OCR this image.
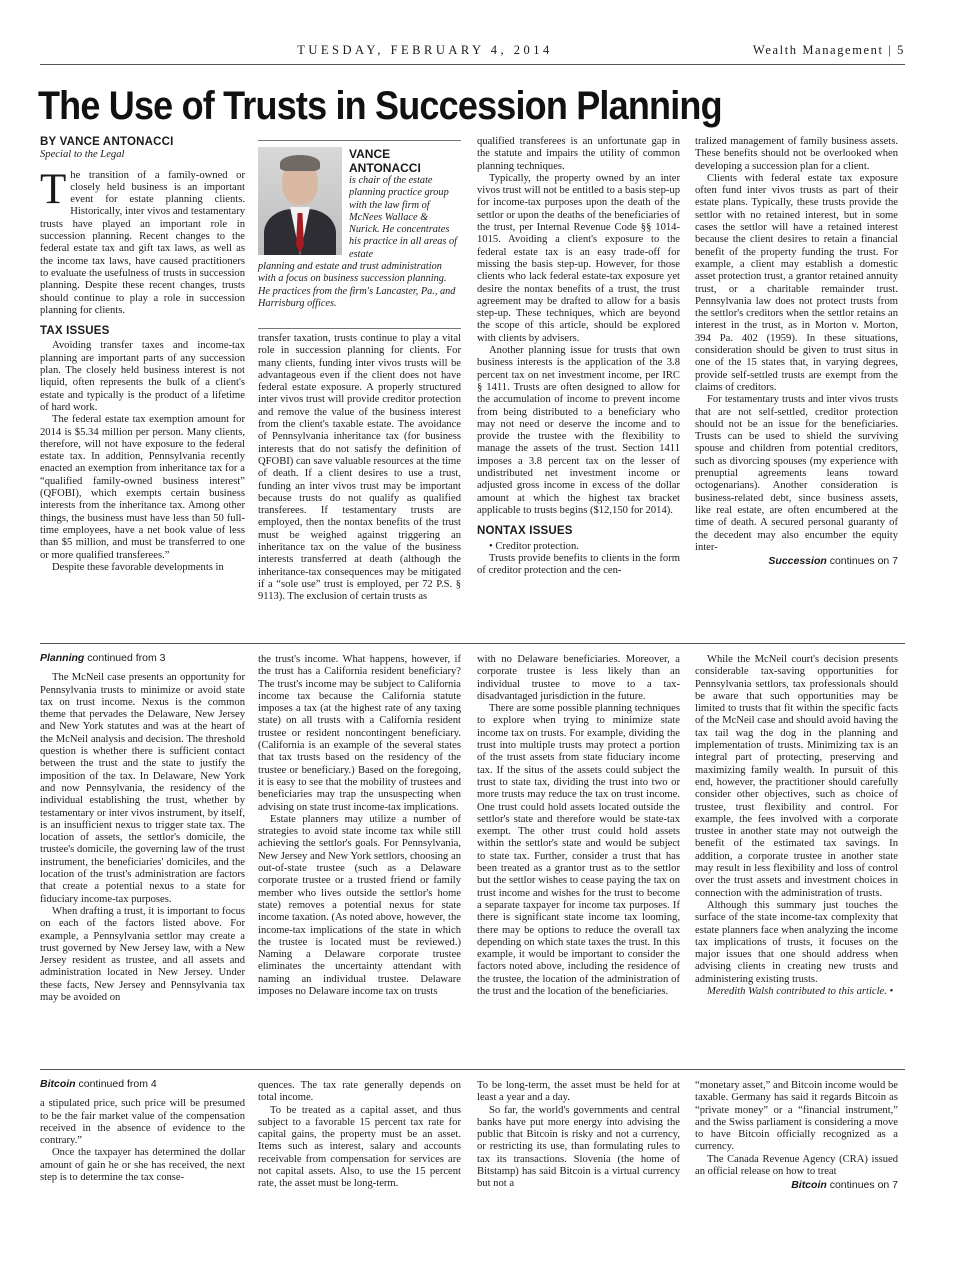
TUESDAY, FEBRUARY 4, 2014	Wealth Management | 5
The Use of Trusts in Succession Planning
BY VANCE ANTONACCI
Special to the Legal

The transition of a family-owned or closely held business is an important event for estate planning clients. Historically, inter vivos and testamentary trusts have played an important role in succession planning. Recent changes to the federal estate tax and gift tax laws, as well as the income tax laws, have caused practitioners to evaluate the usefulness of trusts in succession planning. Despite these recent changes, trusts should continue to play a role in succession planning for clients.

TAX ISSUES

Avoiding transfer taxes and income-tax planning are important parts of any succession plan. The closely held business interest is not liquid, often represents the bulk of a client's estate and typically is the product of a lifetime of hard work.

The federal estate tax exemption amount for 2014 is $5.34 million per person. Many clients, therefore, will not have exposure to the federal estate tax. In addition, Pennsylvania recently enacted an exemption from inheritance tax for a “qualified family-owned business interest” (QFOBI), which exempts certain business interests from the inheritance tax. Among other things, the business must have less than 50 full-time employees, have a net book value of less than $5 million, and must be transferred to one or more qualified transferees.”

Despite these favorable developments in

VANCE ANTONACCI
is chair of the estate planning practice group with the law firm of McNees Wallace & Nurick. He concentrates his practice in all areas of estate
planning and estate and trust administration with a focus on business succession planning. He practices from the firm's Lancaster, Pa., and Harrisburg offices.

transfer taxation, trusts continue to play a vital role in succession planning for clients. For many clients, funding inter vivos trusts will be advantageous even if the client does not have federal estate exposure. A properly structured inter vivos trust will provide creditor protection and remove the value of the business interest from the client's taxable estate. The avoidance of Pennsylvania inheritance tax (for business interests that do not satisfy the definition of QFOBI) can save valuable resources at the time of death. If a client desires to use a trust, funding an inter vivos trust may be important because trusts do not qualify as qualified transferees. If testamentary trusts are employed, then the nontax benefits of the trust must be weighed against triggering an inheritance tax on the value of the business interests transferred at death (although the inheritance-tax consequences may be mitigated if a “sole use” trust is employed, per 72 P.S. § 9113). The exclusion of certain trusts as

qualified transferees is an unfortunate gap in the statute and impairs the utility of common planning techniques.

Typically, the property owned by an inter vivos trust will not be entitled to a basis step-up for income-tax purposes upon the death of the settlor or upon the deaths of the beneficiaries of the trust, per Internal Revenue Code §§ 1014-1015. Avoiding a client's exposure to the federal estate tax is an easy trade-off for missing the basis step-up. However, for those clients who lack federal estate-tax exposure yet desire the nontax benefits of a trust, the trust agreement may be drafted to allow for a basis step-up. These techniques, which are beyond the scope of this article, should be explored with clients by advisers.

Another planning issue for trusts that own business interests is the application of the 3.8 percent tax on net investment income, per IRC § 1411. Trusts are often designed to allow for the accumulation of income to prevent income from being distributed to a beneficiary who may not need or deserve the income and to provide the trustee with the flexibility to manage the assets of the trust. Section 1411 imposes a 3.8 percent tax on the lesser of undistributed net investment income or adjusted gross income in excess of the dollar amount at which the highest tax bracket applicable to trusts begins ($12,150 for 2014).

NONTAX ISSUES

• Creditor protection.

Trusts provide benefits to clients in the form of creditor protection and the cen-

tralized management of family business assets. These benefits should not be overlooked when developing a succession plan for a client.

Clients with federal estate tax exposure often fund inter vivos trusts as part of their estate plans. Typically, these trusts provide the settlor with no retained interest, but in some cases the settlor will have a retained interest because the client desires to retain a financial benefit of the property funding the trust. For example, a client may establish a domestic asset protection trust, a grantor retained annuity trust, or a charitable remainder trust. Pennsylvania law does not protect trusts from the settlor's creditors when the settlor retains an interest in the trust, as in Morton v. Morton, 394 Pa. 402 (1959). In these situations, consideration should be given to trust situs in one of the 15 states that, in varying degrees, provide self-settled trusts are exempt from the claims of creditors.

For testamentary trusts and inter vivos trusts that are not self-settled, creditor protection should not be an issue for the beneficiaries. Trusts can be used to shield the surviving spouse and children from potential creditors, such as divorcing spouses (my experience with prenuptial agreements leans toward octogenarians). Another consideration is business-related debt, since business assets, like real estate, are often encumbered at the time of death. A secured personal guaranty of the decedent may also encumber the equity inter-

Succession continues on 7
Planning continued from 3

The McNeil case presents an opportunity for Pennsylvania trusts to minimize or avoid state tax on trust income. Nexus is the common theme that pervades the Delaware, New Jersey and New York statutes and was at the heart of the McNeil analysis and decision. The threshold question is whether there is sufficient contact between the trust and the state to justify the imposition of the tax. In Delaware, New York and now Pennsylvania, the residency of the individual establishing the trust, whether by testamentary or inter vivos instrument, by itself, is an insufficient nexus to trigger state tax. The location of assets, the settlor's domicile, the trustee's domicile, the governing law of the trust instrument, the beneficiaries' domiciles, and the location of the trust's administration are factors that create a potential nexus to a state for fiduciary income-tax purposes.

When drafting a trust, it is important to focus on each of the factors listed above. For example, a Pennsylvania settlor may create a trust governed by New Jersey law, with a New Jersey resident as trustee, and all assets and administration located in New Jersey. Under these facts, New Jersey and Pennsylvania tax may be avoided on

the trust's income. What happens, however, if the trust has a California resident beneficiary? The trust's income may be subject to California income tax because the California statute imposes a tax (at the highest rate of any taxing state) on all trusts with a California resident trustee or resident noncontingent beneficiary. (California is an example of the several states that tax trusts based on the residency of the trustee or beneficiary.) Based on the foregoing, it is easy to see that the mobility of trustees and beneficiaries may trap the unsuspecting when advising on state trust income-tax implications.

Estate planners may utilize a number of strategies to avoid state income tax while still achieving the settlor's goals. For Pennsylvania, New Jersey and New York settlors, choosing an out-of-state trustee (such as a Delaware corporate trustee or a trusted friend or family member who lives outside the settlor's home state) removes a potential nexus for state income taxation. (As noted above, however, the income-tax implications of the state in which the trustee is located must be reviewed.) Naming a Delaware corporate trustee eliminates the uncertainty attendant with naming an individual trustee. Delaware imposes no Delaware income tax on trusts

with no Delaware beneficiaries. Moreover, a corporate trustee is less likely than an individual trustee to move to a tax-disadvantaged jurisdiction in the future.

There are some possible planning techniques to explore when trying to minimize state income tax on trusts. For example, dividing the trust into multiple trusts may protect a portion of the trust assets from state fiduciary income tax. If the situs of the assets could subject the trust to state tax, dividing the trust into two or more trusts may reduce the tax on trust income. One trust could hold assets located outside the settlor's state and therefore would be state-tax exempt. The other trust could hold assets within the settlor's state and would be subject to state tax. Further, consider a trust that has been treated as a grantor trust as to the settlor but the settlor wishes to cease paying the tax on trust income and wishes for the trust to become a separate taxpayer for income tax purposes. If there is significant state income tax looming, there may be options to reduce the overall tax depending on which state taxes the trust. In this example, it would be important to consider the factors noted above, including the residence of the trustee, the location of the administration of the trust and the location of the beneficiaries.

While the McNeil court's decision presents considerable tax-saving opportunities for Pennsylvania settlors, tax professionals should be aware that such opportunities may be limited to trusts that fit within the specific facts of the McNeil case and should avoid having the tax tail wag the dog in the planning and implementation of trusts. Minimizing tax is an integral part of protecting, preserving and maximizing family wealth. In pursuit of this end, however, the practitioner should carefully consider other objectives, such as choice of trustee, trust flexibility and control. For example, the fees involved with a corporate trustee in another state may not outweigh the benefit of the estimated tax savings. In addition, a corporate trustee in another state may result in less flexibility and loss of control over the trust assets and investment choices in connection with the administration of trusts.

Although this summary just touches the surface of the state income-tax complexity that estate planners face when analyzing the income tax implications of trusts, it focuses on the major issues that one should address when advising clients in creating new trusts and administering existing trusts.

Meredith Walsh contributed to this article. •

Bitcoin continued from 4

a stipulated price, such price will be presumed to be the fair market value of the compensation received in the absence of evidence to the contrary.”

Once the taxpayer has determined the dollar amount of gain he or she has received, the next step is to determine the tax conse-

quences. The tax rate generally depends on total income.

To be treated as a capital asset, and thus subject to a favorable 15 percent tax rate for capital gains, the property must be an asset. Items such as interest, salary and accounts receivable from compensation for services are not capital assets. Also, to use the 15 percent rate, the asset must be long-term.

To be long-term, the asset must be held for at least a year and a day.

So far, the world's governments and central banks have put more energy into advising the public that Bitcoin is risky and not a currency, or restricting its use, than formulating rules to tax its transactions. Slovenia (the home of Bitstamp) has said Bitcoin is a virtual currency but not a

“monetary asset,” and Bitcoin income would be taxable. Germany has said it regards Bitcoin as “private money” or a “financial instrument,” and the Swiss parliament is considering a move to have Bitcoin officially recognized as a currency.

The Canada Revenue Agency (CRA) issued an official release on how to treat

Bitcoin continues on 7
